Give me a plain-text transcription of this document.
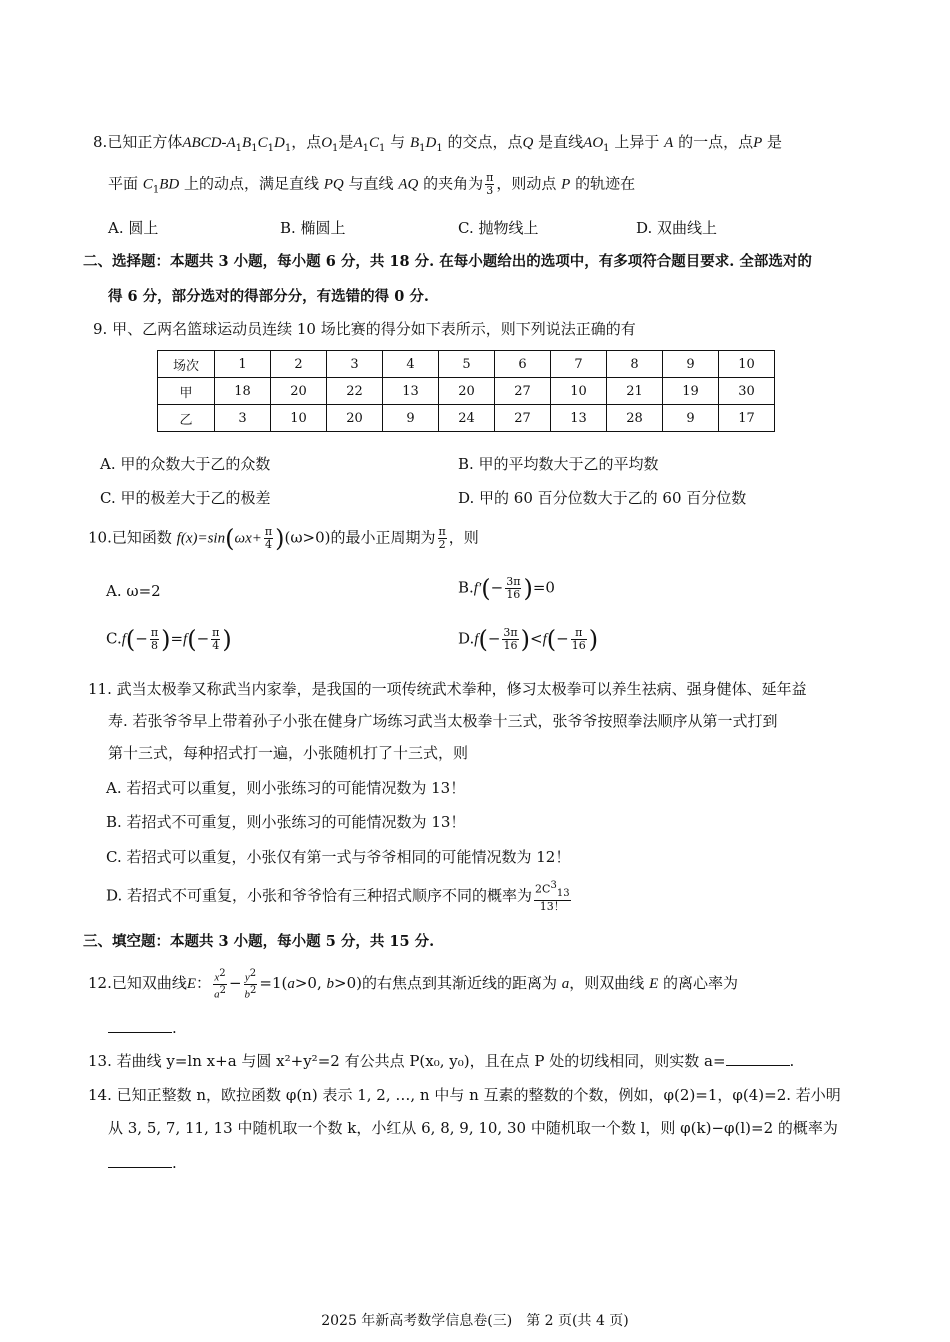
8.已知正方体ABCD-$A_1B_1C_1D_1$，点$O_1$是$A_1C_1$ 与 $B_1D_1$ 的交点，点Q 是直线$AO_1$ 上异于 A 的一点，点P 是
平面 $C_1BD$ 上的动点，满足直线 PQ 与直线 AQ 的夹角为 $\frac{\pi}{3}$ ，则动点 P 的轨迹在
A. 圆上	B. 椭圆上	C. 抛物线上	D. 双曲线上
二、选择题：本题共 3 小题，每小题 6 分，共 18 分. 在每小题给出的选项中，有多项符合题目要求. 全部选对的
得 6 分，部分选对的得部分分，有选错的得 0 分.
9. 甲、乙两名篮球运动员连续 10 场比赛的得分如下表所示，则下列说法正确的有
场次	1	2	3	4	5	6	7	8	9	10
甲	18	20	22	13	20	27	10	21	19	30
乙	3	10	20	9	24	27	13	28	9	17
A. 甲的众数大于乙的众数	B. 甲的平均数大于乙的平均数
C. 甲的极差大于乙的极差	D. 甲的 60 百分位数大于乙的 60 百分位数
10.已知函数 $f(x)=\sin(\omega x+ \frac{\pi}{4} )(\omega>0)$的最小正周期为 $\frac{\pi}{2}$ ，则
A. ω=2	$B.f'(- \frac{3\pi}{16} )=0$
$C.f(- \frac{\pi}{8} )=f(- \frac{\pi}{4}$ )	$D.f(- \frac{3\pi}{16} )<f(- \frac{\pi}{16}$ )
11. 武当太极拳又称武当内家拳，是我国的一项传统武术拳种，修习太极拳可以养生祛病、强身健体、延年益
寿. 若张爷爷早上带着孙子小张在健身广场练习武当太极拳十三式，张爷爷按照拳法顺序从第一式打到
第十三式，每种招式打一遍，小张随机打了十三式，则
A. 若招式可以重复，则小张练习的可能情况数为 13！
B. 若招式不可重复，则小张练习的可能情况数为 13！
C. 若招式可以重复，小张仅有第一式与爷爷相同的可能情况数为 12！
D. 若招式不可重复，小张和爷爷恰有三种招式顺序不同的概率为 $\frac{2C^3_{13}}{13!}$
三、填空题：本题共 3 小题，每小题 5 分，共 15 分.
12.已知双曲线E： $\frac{x^2}{a^2} - \frac{y^2}{b^2} =1(a>0$, b>0)的右焦点到其渐近线的距离为 a，则双曲线 E 的离心率为
.
13. 若曲线 y=ln x+a 与圆 x²+y²=2 有公共点 P(x₀, y₀)，且在点 P 处的切线相同，则实数 a=	.
14. 已知正整数 n，欧拉函数 φ(n) 表示 1, 2, …, n 中与 n 互素的整数的个数，例如，φ(2)=1，φ(4)=2. 若小明
从 3, 5, 7, 11, 13 中随机取一个数 k，小红从 6, 8, 9, 10, 30 中随机取一个数 l，则 φ(k)−φ(l)=2 的概率为
.
2025 年新高考数学信息卷(三)　第 2 页(共 4 页)
